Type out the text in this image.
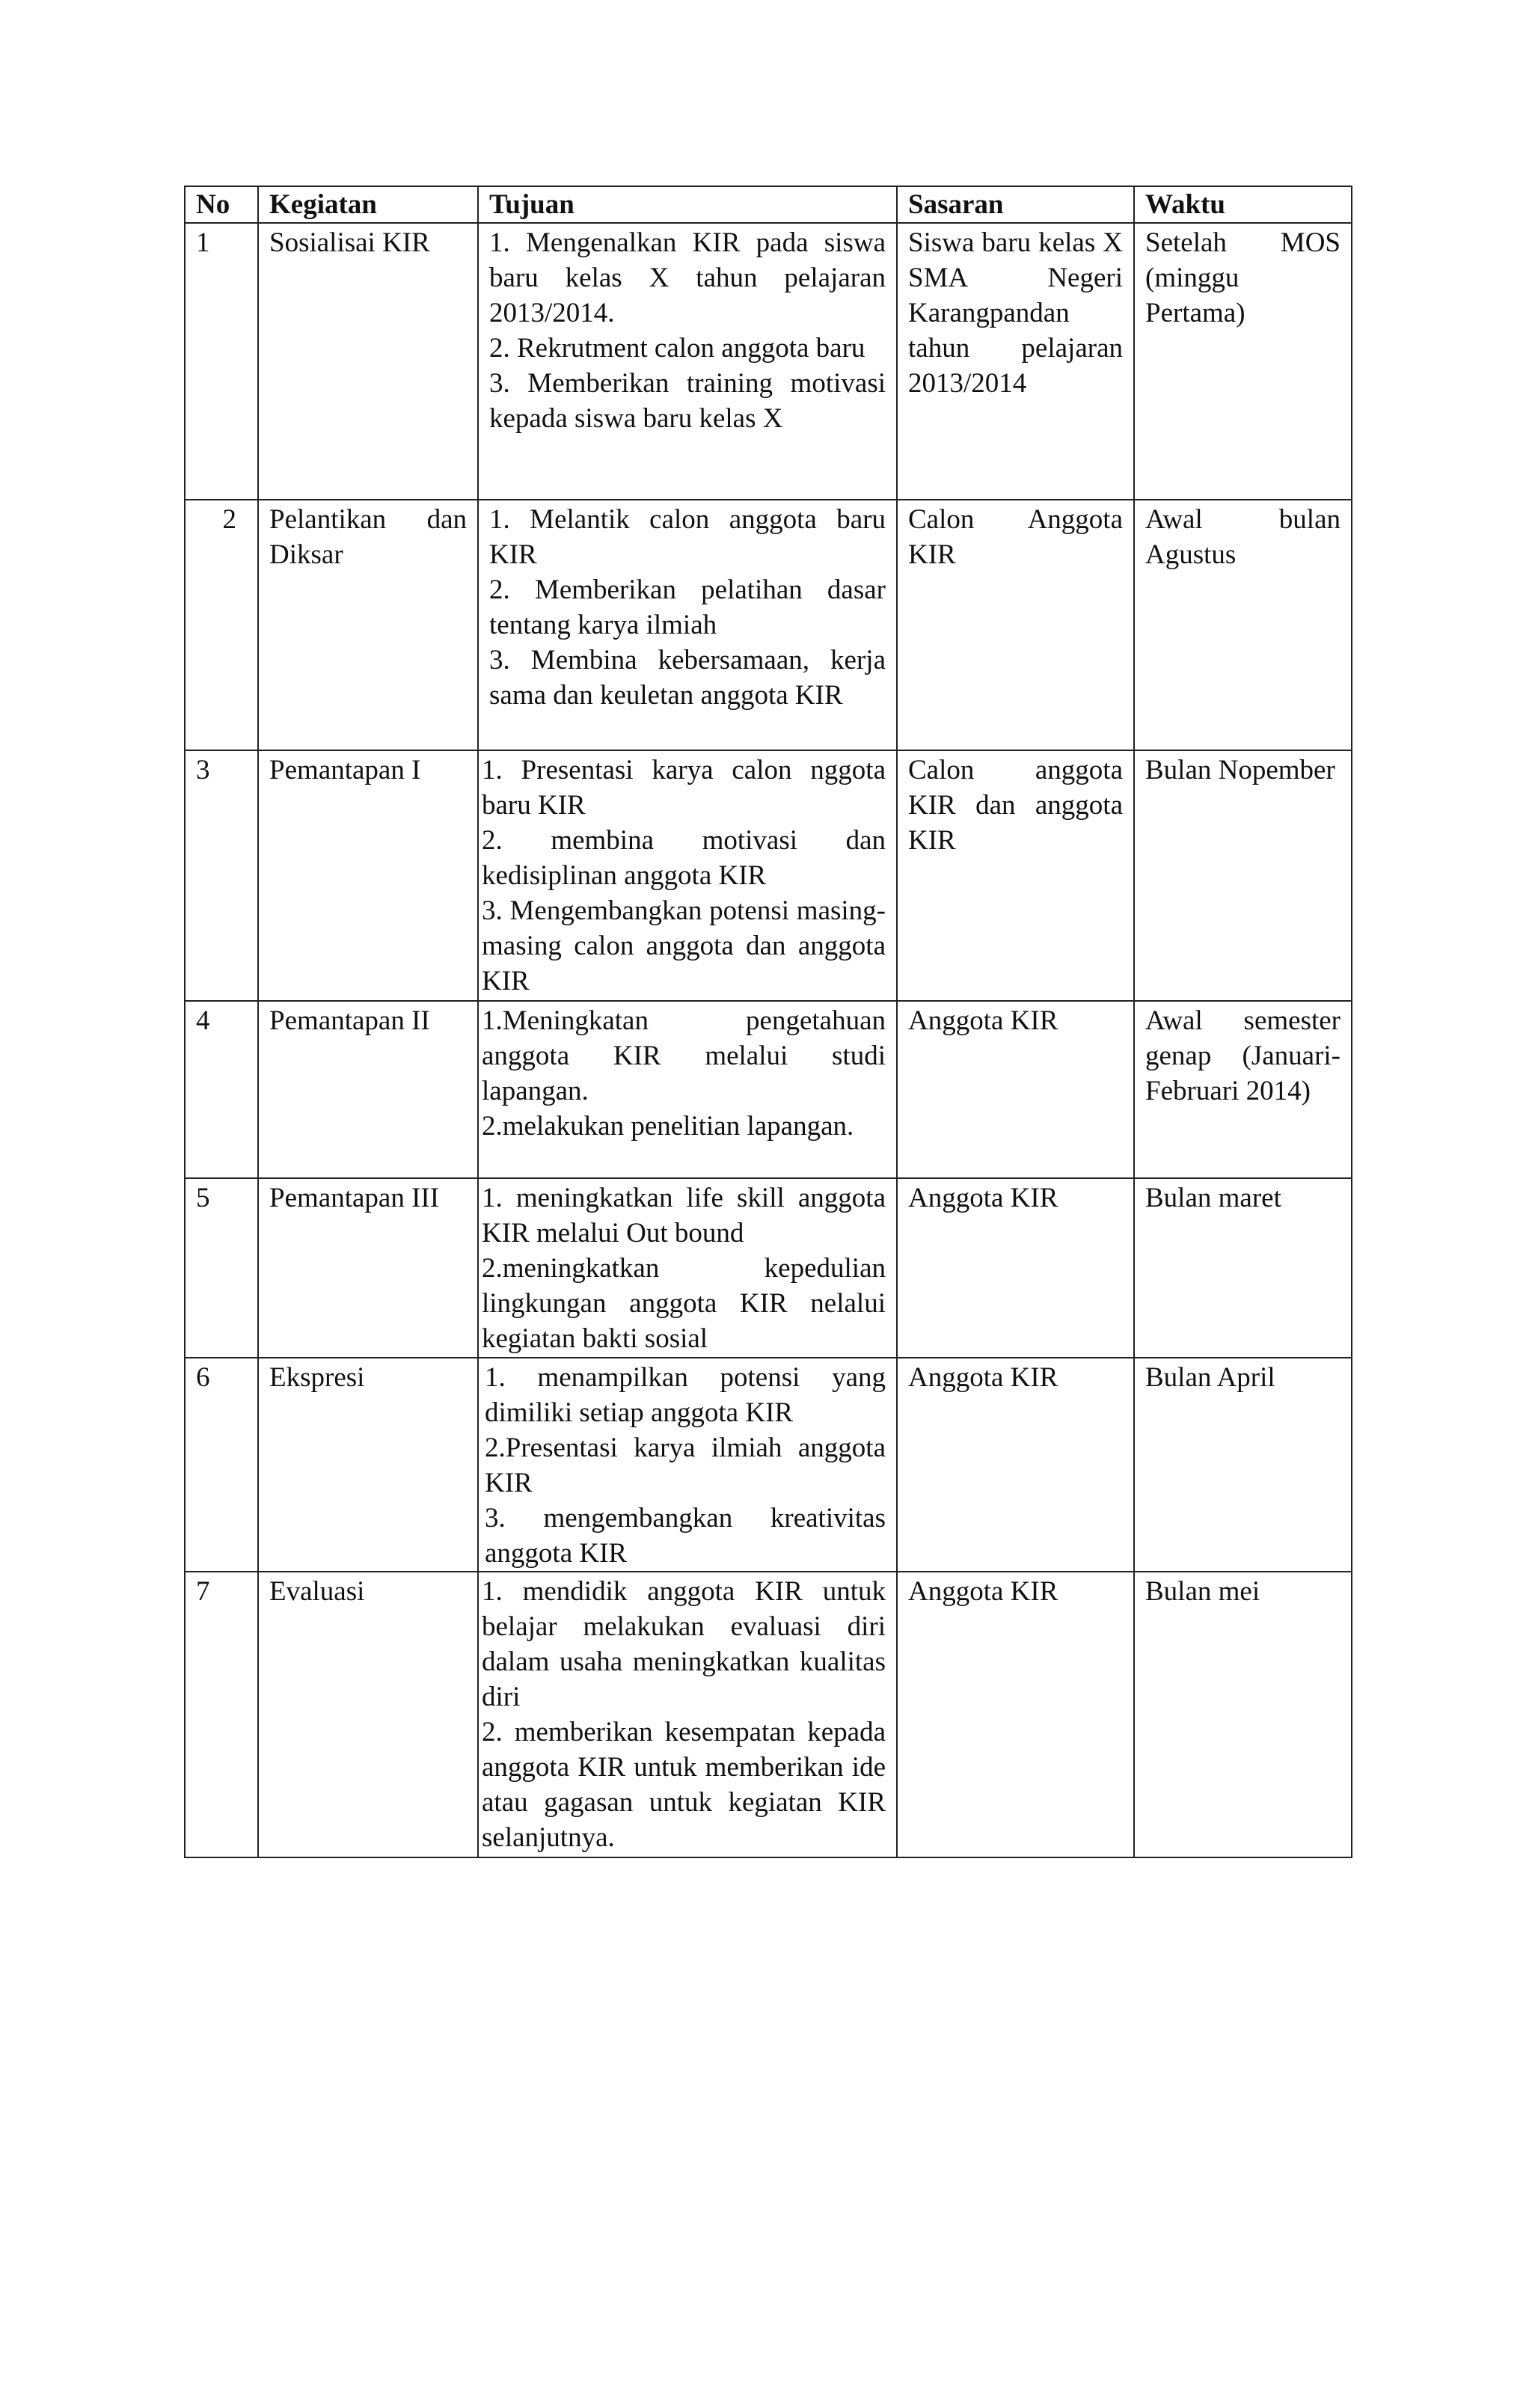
No	Kegiatan	Tujuan	Sasaran	Waktu
1	Sosialisai KIR	1. Mengenalkan KIR pada siswa baru kelas X tahun pelajaran 2013/2014.
2. Rekrutment calon anggota baru
3. Memberikan training motivasi kepada siswa baru kelas X	Siswa baru kelas X SMA Negeri Karangpandan tahun pelajaran 2013/2014	Setelah MOS (minggu Pertama)
2	Pelantikan dan Diksar	1. Melantik calon anggota baru KIR
2. Memberikan pelatihan dasar tentang karya ilmiah
3. Membina kebersamaan, kerja sama dan keuletan anggota KIR	Calon Anggota KIR	Awal bulan Agustus
3	Pemantapan I	1. Presentasi karya calon nggota baru KIR
2. membina motivasi dan kedisiplinan anggota KIR
3. Mengembangkan potensi masing-masing calon anggota dan anggota KIR	Calon anggota KIR dan anggota KIR	Bulan Nopember
4	Pemantapan II	1.Meningkatan pengetahuan anggota KIR melalui studi lapangan.
2.melakukan penelitian lapangan.	Anggota KIR	Awal semester genap (Januari-Februari 2014)
5	Pemantapan III	1. meningkatkan life skill anggota KIR melalui Out bound
2.meningkatkan kepedulian lingkungan anggota KIR nelalui kegiatan bakti sosial	Anggota KIR	Bulan maret
6	Ekspresi	1. menampilkan potensi yang dimiliki setiap anggota KIR
2.Presentasi karya ilmiah anggota KIR
3. mengembangkan kreativitas anggota KIR	Anggota KIR	Bulan April
7	Evaluasi	1. mendidik anggota KIR untuk belajar melakukan evaluasi diri dalam usaha meningkatkan kualitas diri
2. memberikan kesempatan kepada anggota KIR untuk memberikan ide atau gagasan untuk kegiatan KIR selanjutnya.	Anggota KIR	Bulan mei
